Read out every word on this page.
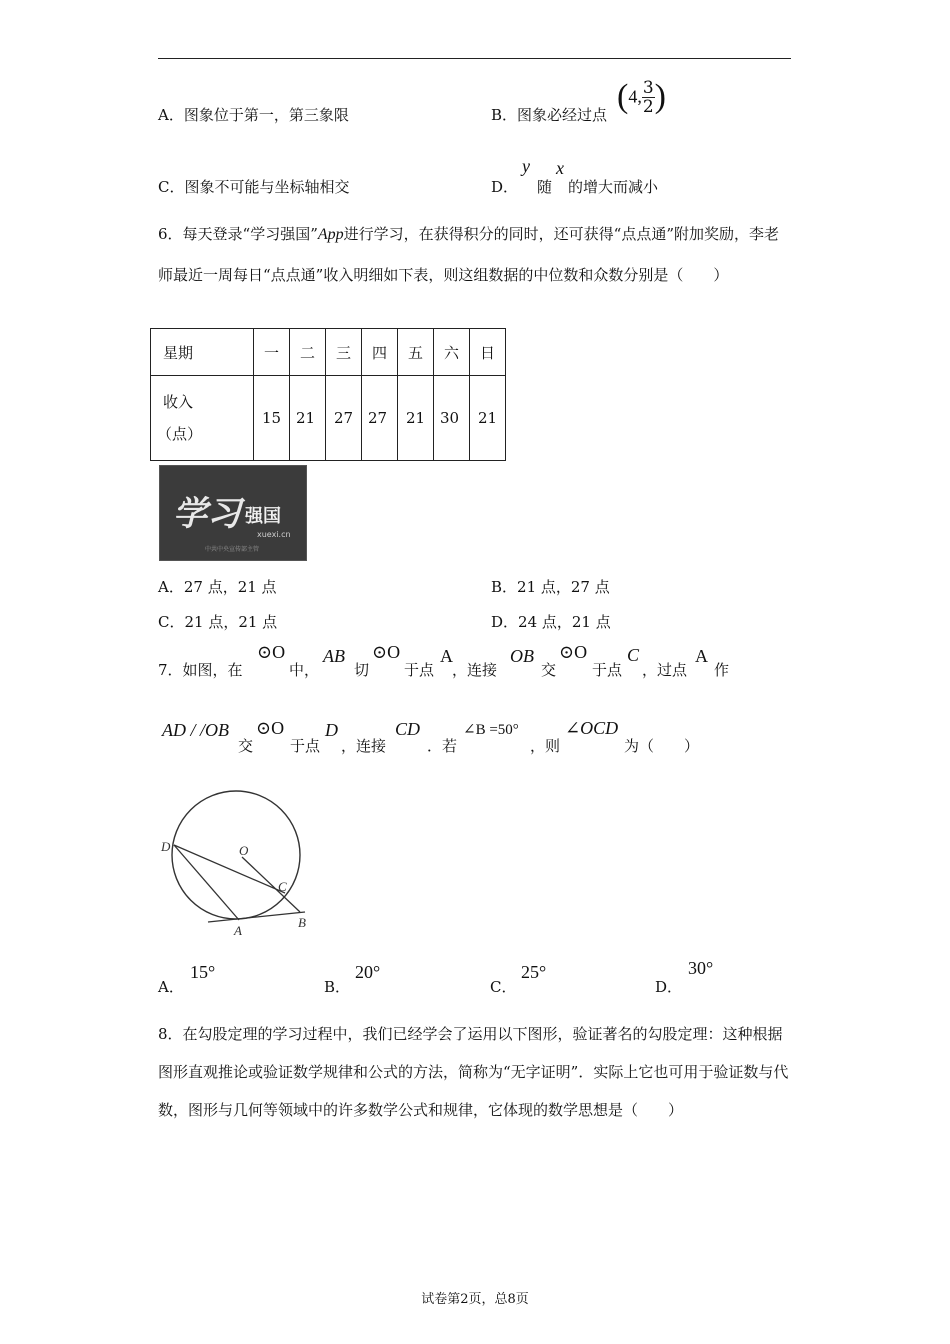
A．图象位于第一，第三象限	B．图象必经过点 (4, $\frac{3}{2}$ )
C．图象不可能与坐标轴相交	D．
y
随
x
的增大而减小
6．每天登录“学习强国”App进行学习，在获得积分的同时，还可获得“点点通”附加奖励，李老师最近一周每日“点点通”收入明细如下表，则这组数据的中位数和众数分别是（　　）
星期	一	二	三	四	五	六	日

收入
（点）	15	21	27	27	21	30	21
学习 强国
xuexi.cn
中共中央宣传部主管
A．27 点，21 点	B．21 点，27 点
C．21 点，21 点	D．24 点，21 点
7．如图，在
⊙O
中，
AB
切
⊙O
于点
A
，连接
OB
交
⊙O
于点
C
，过点
A
作
AD / /OB
交
⊙O
于点
D
，连接
CD
．若
∠B =50°
，则
∠OCD
为（　　）
D	O
C
A
B
A．
15°
B．
20°
C．
25°
D．
30°
8．在勾股定理的学习过程中，我们已经学会了运用以下图形，验证著名的勾股定理：这种根据图形直观推论或验证数学规律和公式的方法，简称为“无字证明”．实际上它也可用于验证数与代数，图形与几何等领域中的许多数学公式和规律，它体现的数学思想是（　　）
试卷第2页，总8页
